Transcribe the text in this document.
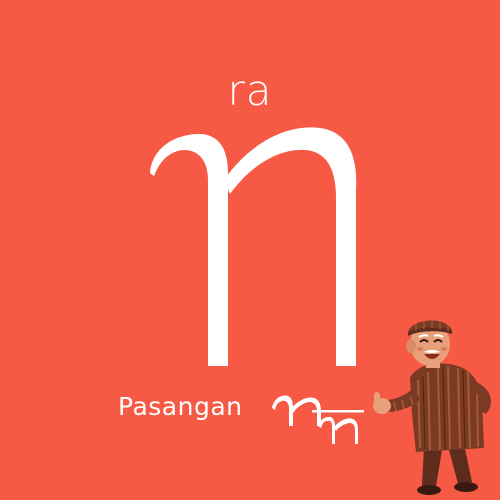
ra
Pasangan
